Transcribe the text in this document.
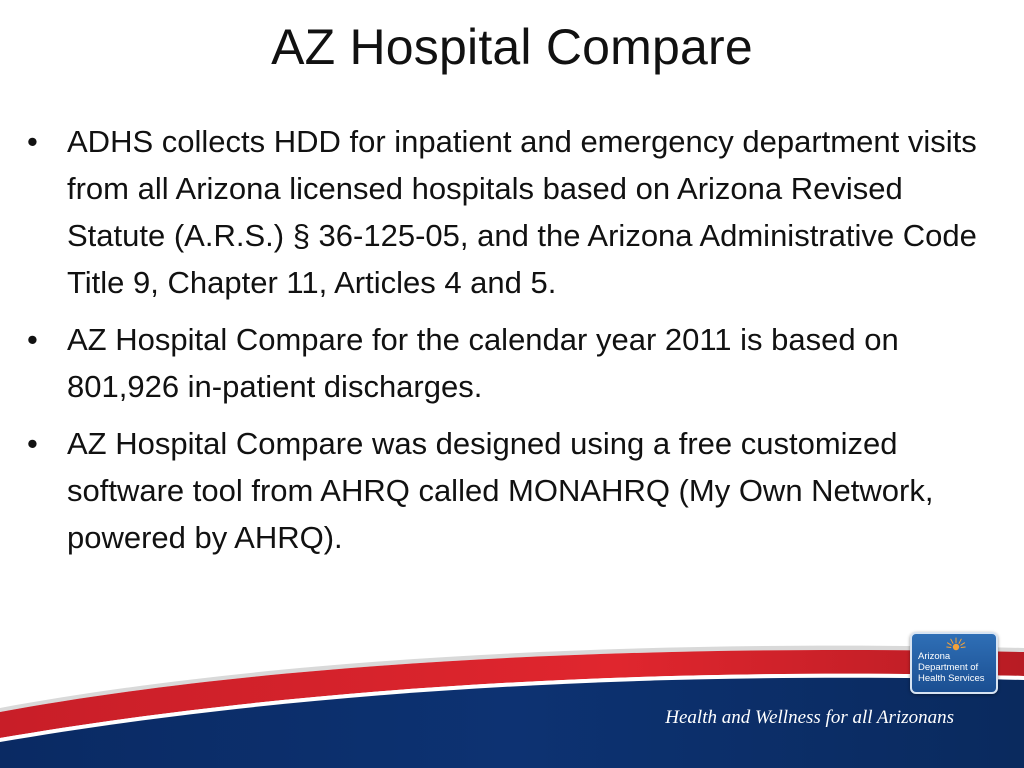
AZ Hospital Compare
• ADHS collects HDD for inpatient and emergency department visits from all Arizona licensed hospitals based on Arizona Revised Statute (A.R.S.) § 36-125-05, and the Arizona Administrative Code Title 9, Chapter 11, Articles 4 and 5.
• AZ Hospital Compare for the calendar year 2011 is based on 801,926 in-patient discharges.
• AZ Hospital Compare was designed using a free customized software tool from AHRQ called MONAHRQ (My Own Network, powered by AHRQ).
Health and Wellness for all Arizonans
Arizona
Department of
Health Services
